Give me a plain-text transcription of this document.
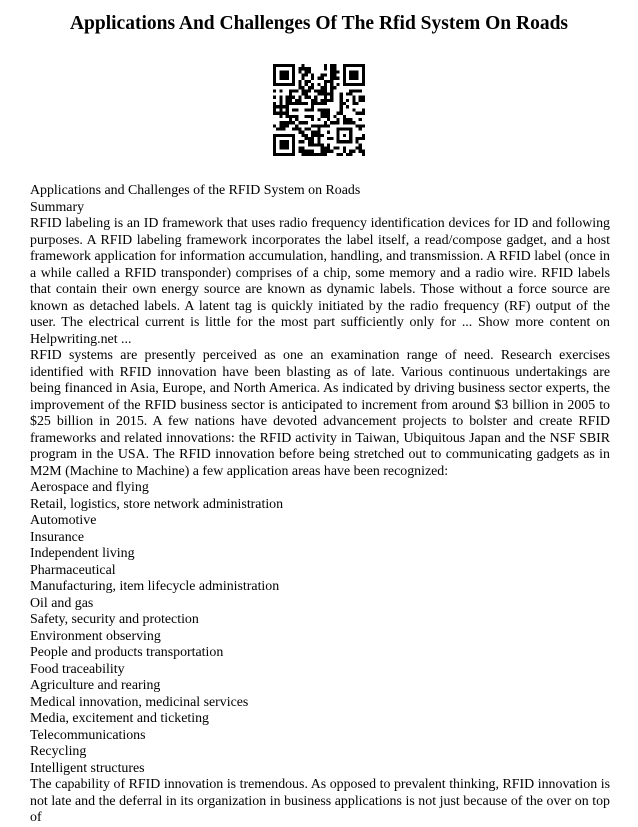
Applications And Challenges Of The Rfid System On Roads
Applications and Challenges of the RFID System on Roads
Summary
RFID labeling is an ID framework that uses radio frequency identification devices for ID and following purposes. A RFID labeling framework incorporates the label itself, a read/compose gadget, and a host framework application for information accumulation, handling, and transmission. A RFID label (once in a while called a RFID transponder) comprises of a chip, some memory and a radio wire. RFID labels that contain their own energy source are known as dynamic labels. Those without a force source are known as detached labels. A latent tag is quickly initiated by the radio frequency (RF) output of the user. The electrical current is little for the most part sufficiently only for ... Show more content on Helpwriting.net ...
RFID systems are presently perceived as one an examination range of need. Research exercises identified with RFID innovation have been blasting as of late. Various continuous undertakings are being financed in Asia, Europe, and North America. As indicated by driving business sector experts, the improvement of the RFID business sector is anticipated to increment from around $3 billion in 2005 to $25 billion in 2015. A few nations have devoted advancement projects to bolster and create RFID frameworks and related innovations: the RFID activity in Taiwan, Ubiquitous Japan and the NSF SBIR program in the USA. The RFID innovation before being stretched out to communicating gadgets as in M2M (Machine to Machine) a few application areas have been recognized:
Aerospace and flying
Retail, logistics, store network administration
Automotive
Insurance
Independent living
Pharmaceutical
Manufacturing, item lifecycle administration
Oil and gas
Safety, security and protection
Environment observing
People and products transportation
Food traceability
Agriculture and rearing
Medical innovation, medicinal services
Media, excitement and ticketing
Telecommunications
Recycling
Intelligent structures
The capability of RFID innovation is tremendous. As opposed to prevalent thinking, RFID innovation is not late and the deferral in its organization in business applications is not just because of the over on top of
